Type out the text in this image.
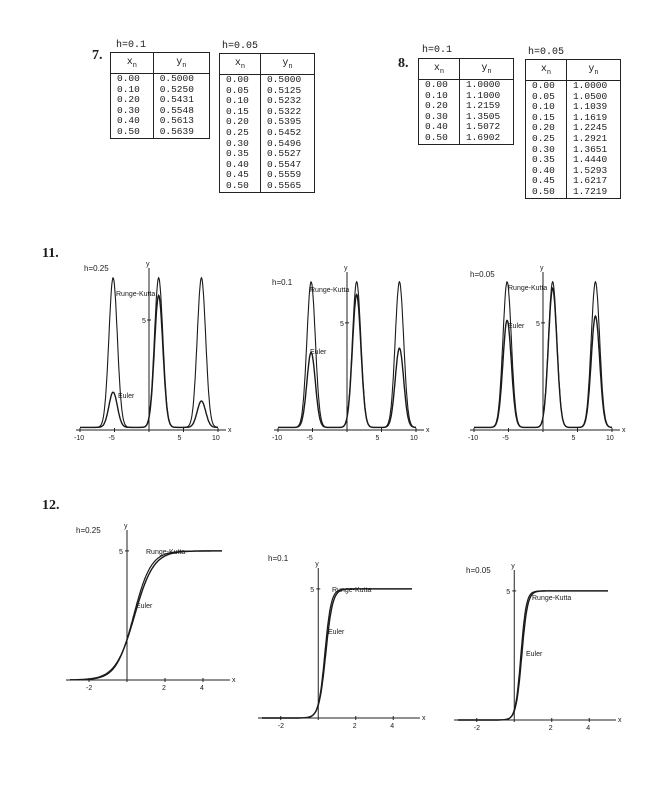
7.
h=0.1
$x_n$	$y_n$
0.00	0.5000
0.10	0.5250
0.20	0.5431
0.30	0.5548
0.40	0.5613
0.50	0.5639
h=0.05
$x_n$	$y_n$
0.00	0.5000
0.05	0.5125
0.10	0.5232
0.15	0.5322
0.20	0.5395
0.25	0.5452
0.30	0.5496
0.35	0.5527
0.40	0.5547
0.45	0.5559
0.50	0.5565
8.
h=0.1
$x_n$	$y_n$
0.00	1.0000
0.10	1.1000
0.20	1.2159
0.30	1.3505
0.40	1.5072
0.50	1.6902
h=0.05
$x_n$	$y_n$
0.00	1.0000
0.05	1.0500
0.10	1.1039
0.15	1.1619
0.20	1.2245
0.25	1.2921
0.30	1.3651
0.35	1.4440
0.40	1.5293
0.45	1.6217
0.50	1.7219
11.
x
y
-10	-5	5	10
5
Runge-Kutta
Euler
x
y
-10	-5	5	10
5
Runge-Kutta
Euler
x
y
-10	-5	5	10
5
Runge-Kutta
Euler
h=0.25
h=0.1
h=0.05
12.
x
y
-2	2	4
5	Runge-Kutta
Euler
x
y
-2	2	4
5	Runge-Kutta
Euler
x
y
-2	2	4
5
Runge-Kutta
Euler
h=0.25
h=0.1
h=0.05
